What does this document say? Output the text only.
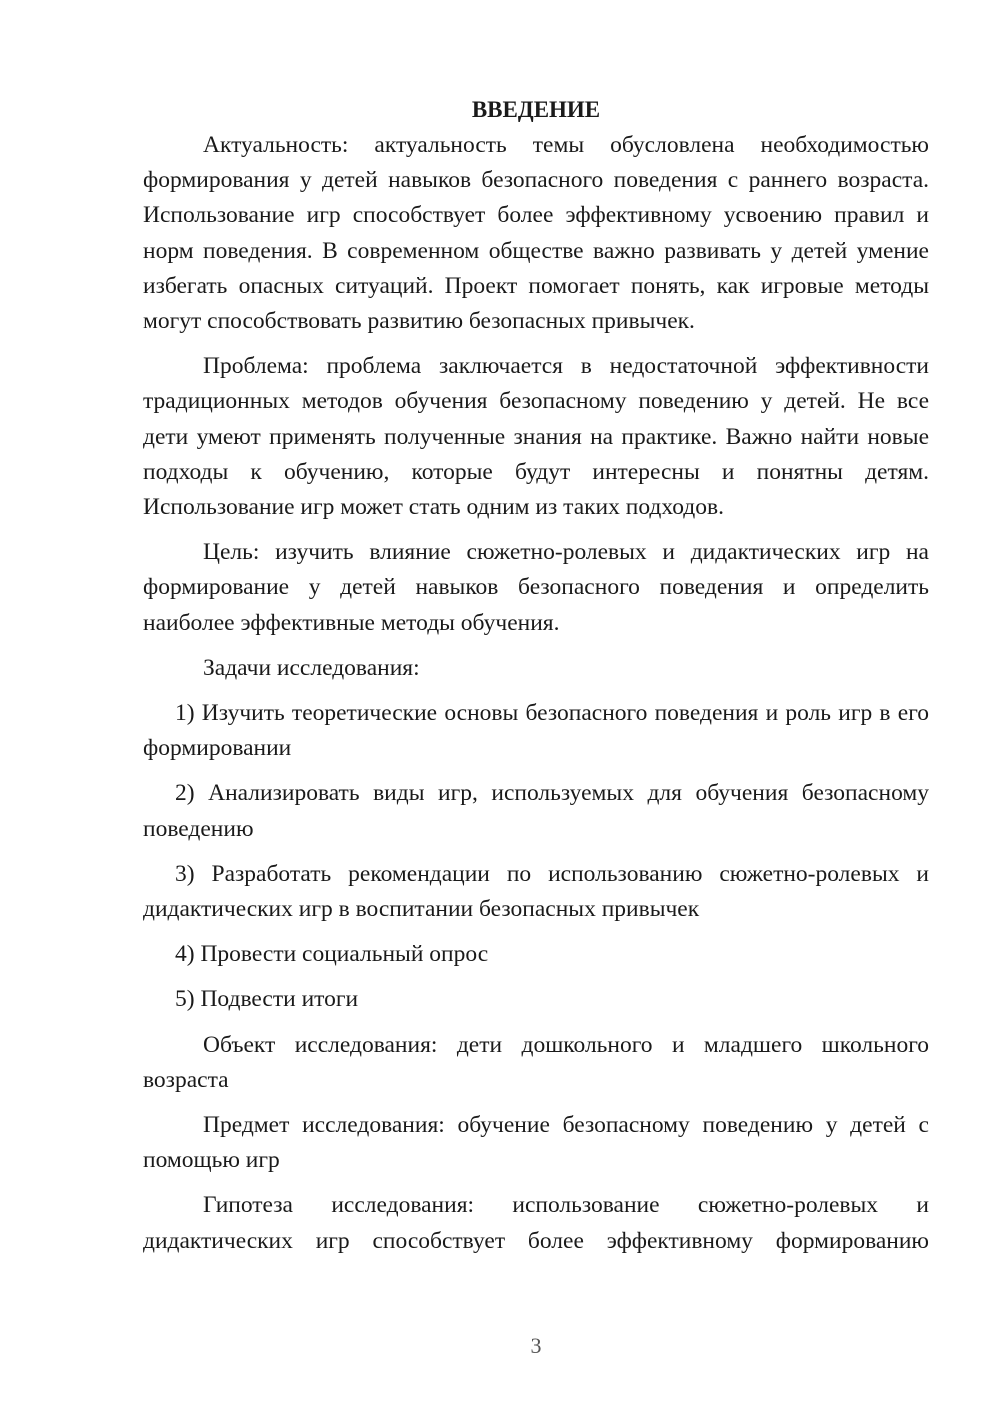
ВВЕДЕНИЕ

Актуальность: актуальность темы обусловлена необходимостью формирования у детей навыков безопасного поведения с раннего возраста. Использование игр способствует более эффективному усвоению правил и норм поведения. В современном обществе важно развивать у детей умение избегать опасных ситуаций. Проект помогает понять, как игровые методы могут способствовать развитию безопасных привычек.

Проблема: проблема заключается в недостаточной эффективности традиционных методов обучения безопасному поведению у детей. Не все дети умеют применять полученные знания на практике. Важно найти новые подходы к обучению, которые будут интересны и понятны детям. Использование игр может стать одним из таких подходов.

Цель: изучить влияние сюжетно-ролевых и дидактических игр на формирование у детей навыков безопасного поведения и определить наиболее эффективные методы обучения.

Задачи исследования:

1) Изучить теоретические основы безопасного поведения и роль игр в его формировании

2) Анализировать виды игр, используемых для обучения безопасному поведению

3) Разработать рекомендации по использованию сюжетно-ролевых и дидактических игр в воспитании безопасных привычек

4) Провести социальный опрос

5) Подвести итоги

Объект исследования: дети дошкольного и младшего школьного возраста

Предмет исследования: обучение безопасному поведению у детей с помощью игр

Гипотеза исследования: использование сюжетно-ролевых и дидактических игр способствует более эффективному формированию

3
